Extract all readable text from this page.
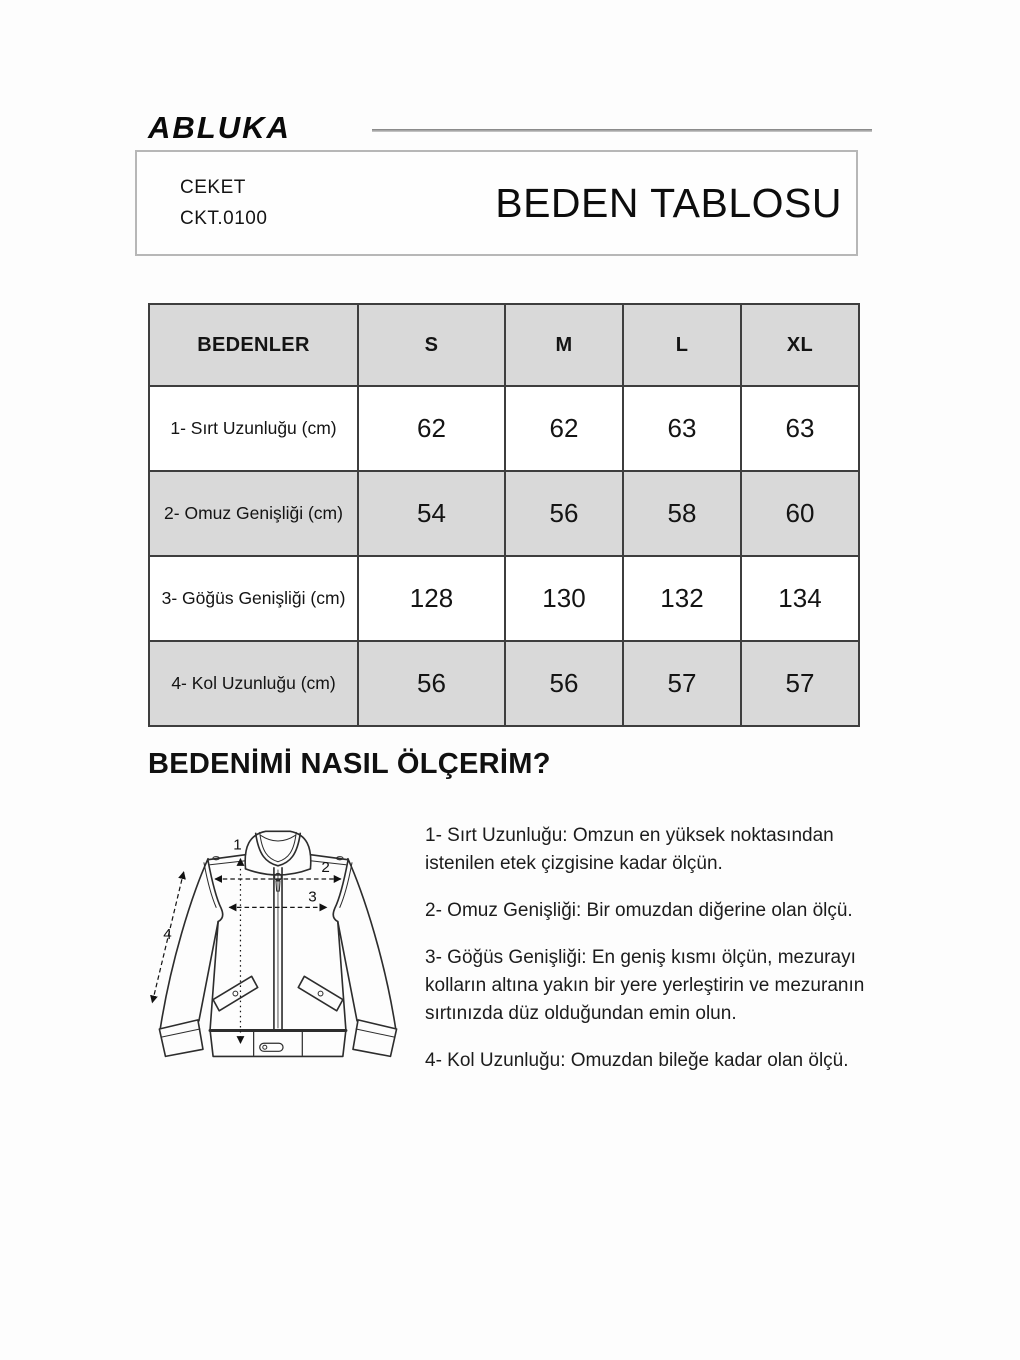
ABLUKA
CEKET
CKT.0100	BEDEN TABLOSU
BEDENLER	S	M	L	XL
1- Sırt Uzunluğu (cm)	62	62	63	63
2- Omuz Genişliği (cm)	54	56	58	60
3- Göğüs Genişliği (cm)	128	130	132	134
4- Kol Uzunluğu (cm)	56	56	57	57
BEDENİMİ NASIL ÖLÇERİM?
1
2
3
4

1- Sırt Uzunluğu: Omzun en yüksek noktasından istenilen etek çizgisine kadar ölçün.

2- Omuz Genişliği: Bir omuzdan diğerine olan ölçü.

3- Göğüs Genişliği: En geniş kısmı ölçün, mezurayı kolların altına yakın bir yere yerleştirin ve mezuranın sırtınızda düz olduğundan emin olun.

4- Kol Uzunluğu: Omuzdan bileğe kadar olan ölçü.
